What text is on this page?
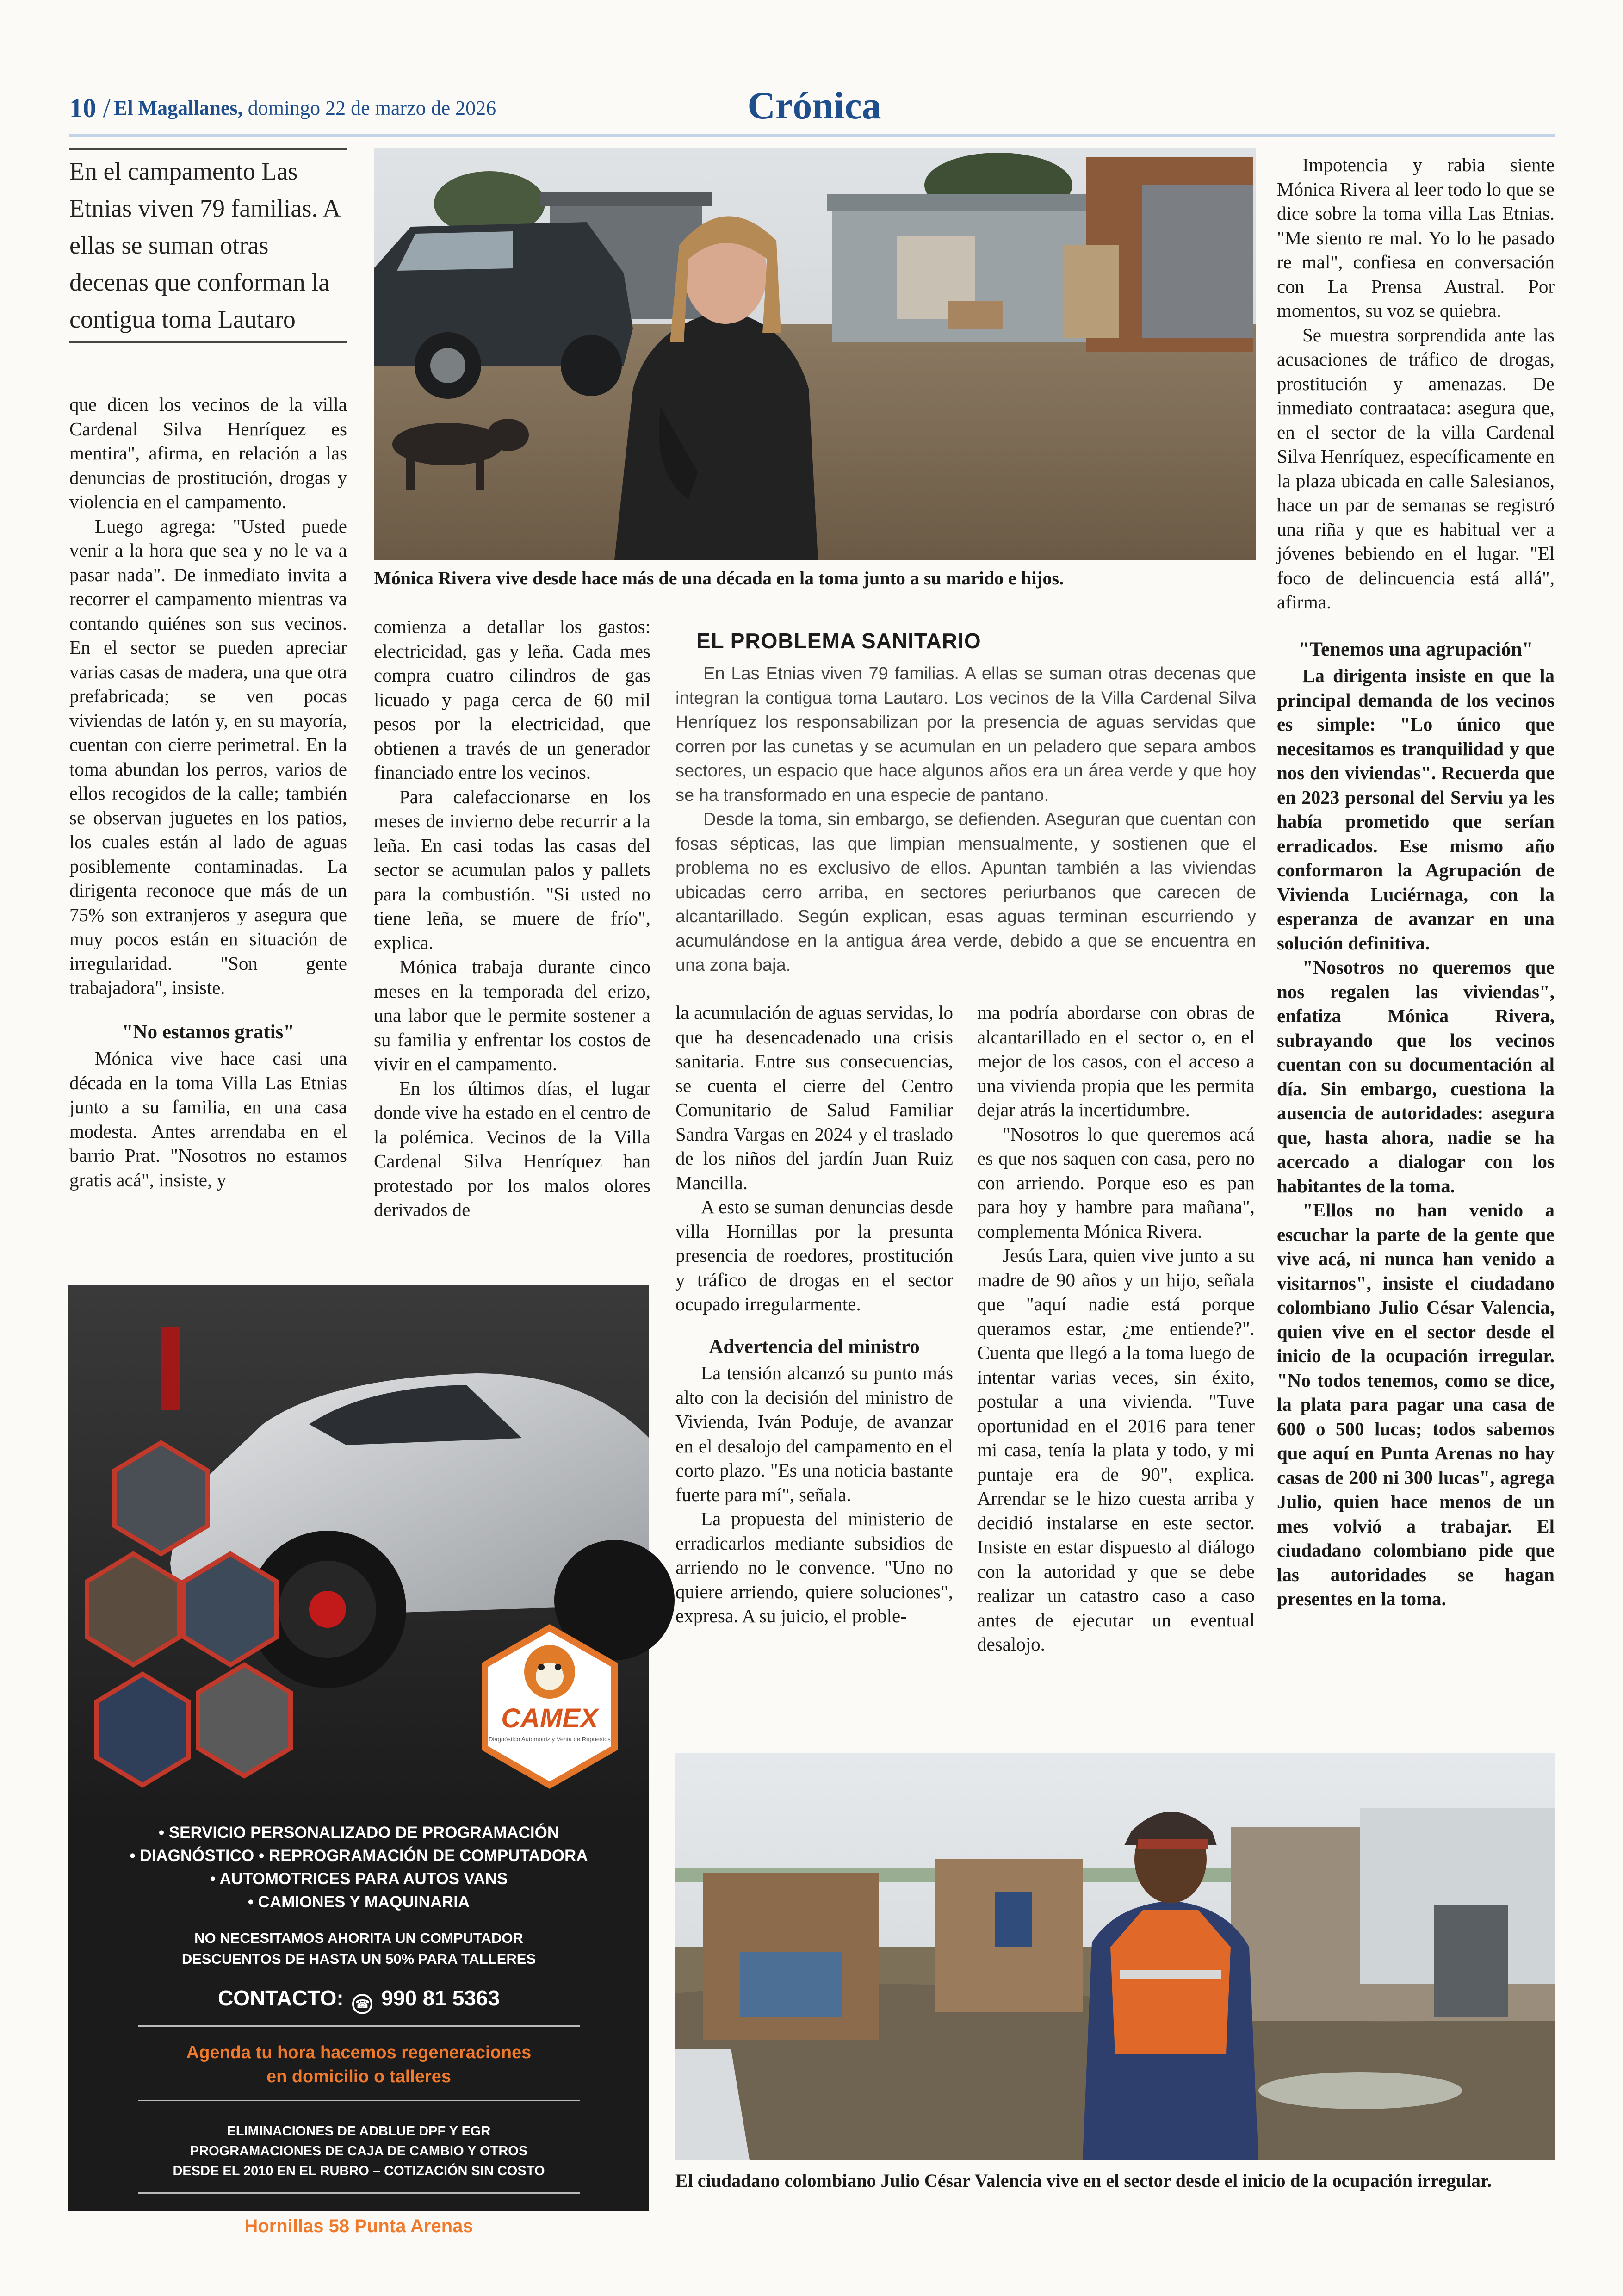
10 / El Magallanes, domingo 22 de marzo de 2026	Crónica
En el campamento Las Etnias viven 79 familias. A ellas se suman otras decenas que conforman la contigua toma Lautaro
Mónica Rivera vive desde hace más de una década en la toma junto a su marido e hijos.

que dicen los vecinos de la villa Cardenal Silva Henríquez es mentira", afirma, en relación a las denuncias de prostitución, drogas y violencia en el campamento.

Luego agrega: "Usted puede venir a la hora que sea y no le va a pasar nada". De inmediato invita a recorrer el campamento mientras va contando quiénes son sus vecinos. En el sector se pueden apreciar varias casas de madera, una que otra prefabricada; se ven pocas viviendas de latón y, en su mayoría, cuentan con cierre perimetral. En la toma abundan los perros, varios de ellos recogidos de la calle; también se observan juguetes en los patios, los cuales están al lado de aguas posiblemente contaminadas. La dirigenta reconoce que más de un 75% son extranjeros y asegura que muy pocos están en situación de irregularidad. "Son gente trabajadora", insiste.

"No estamos gratis"

Mónica vive hace casi una década en la toma Villa Las Etnias junto a su familia, en una casa modesta. Antes arrendaba en el barrio Prat. "Nosotros no estamos gratis acá", insiste, y

comienza a detallar los gastos: electricidad, gas y leña. Cada mes compra cuatro cilindros de gas licuado y paga cerca de 60 mil pesos por la electricidad, que obtienen a través de un generador financiado entre los vecinos.

Para calefaccionarse en los meses de invierno debe recurrir a la leña. En casi todas las casas del sector se acumulan palos y pallets para la combustión. "Si usted no tiene leña, se muere de frío", explica.

Mónica trabaja durante cinco meses en la temporada del erizo, una labor que le permite sostener a su familia y enfrentar los costos de vivir en el campamento.

En los últimos días, el lugar donde vive ha estado en el centro de la polémica. Vecinos de la Villa Cardenal Silva Henríquez han protestado por los malos olores derivados de

EL PROBLEMA SANITARIO

En Las Etnias viven 79 familias. A ellas se suman otras decenas que integran la contigua toma Lautaro. Los vecinos de la Villa Cardenal Silva Henríquez los responsabilizan por la presencia de aguas servidas que corren por las cunetas y se acumulan en un peladero que separa ambos sectores, un espacio que hace algunos años era un área verde y que hoy se ha transformado en una especie de pantano.

Desde la toma, sin embargo, se defienden. Aseguran que cuentan con fosas sépticas, las que limpian mensualmente, y sostienen que el problema no es exclusivo de ellos. Apuntan también a las viviendas ubicadas cerro arriba, en sectores periurbanos que carecen de alcantarillado. Según explican, esas aguas terminan escurriendo y acumulándose en la antigua área verde, debido a que se encuentra en una zona baja.

la acumulación de aguas servidas, lo que ha desencadenado una crisis sanitaria. Entre sus consecuencias, se cuenta el cierre del Centro Comunitario de Salud Familiar Sandra Vargas en 2024 y el traslado de los niños del jardín Juan Ruiz Mancilla.

A esto se suman denuncias desde villa Hornillas por la presunta presencia de roedores, prostitución y tráfico de drogas en el sector ocupado irregularmente.

Advertencia del ministro

La tensión alcanzó su punto más alto con la decisión del ministro de Vivienda, Iván Poduje, de avanzar en el desalojo del campamento en el corto plazo. "Es una noticia bastante fuerte para mí", señala.

La propuesta del ministerio de erradicarlos mediante subsidios de arriendo no le convence. "Uno no quiere arriendo, quiere soluciones", expresa. A su juicio, el proble-

ma podría abordarse con obras de alcantarillado en el sector o, en el mejor de los casos, con el acceso a una vivienda propia que les permita dejar atrás la incertidumbre.

"Nosotros lo que queremos acá es que nos saquen con casa, pero no con arriendo. Porque eso es pan para hoy y hambre para mañana", complementa Mónica Rivera.

Jesús Lara, quien vive junto a su madre de 90 años y un hijo, señala que "aquí nadie está porque queramos estar, ¿me entiende?". Cuenta que llegó a la toma luego de intentar varias veces, sin éxito, postular a una vivienda. "Tuve oportunidad en el 2016 para tener mi casa, tenía la plata y todo, y mi puntaje era de 90", explica. Arrendar se le hizo cuesta arriba y decidió instalarse en este sector. Insiste en estar dispuesto al diálogo con la autoridad y que se debe realizar un catastro caso a caso antes de ejecutar un eventual desalojo.

Impotencia y rabia siente Mónica Rivera al leer todo lo que se dice sobre la toma villa Las Etnias. "Me siento re mal. Yo lo he pasado re mal", confiesa en conversación con La Prensa Austral. Por momentos, su voz se quiebra.

Se muestra sorprendida ante las acusaciones de tráfico de drogas, prostitución y amenazas. De inmediato contraataca: asegura que, en el sector de la villa Cardenal Silva Henríquez, específicamente en la plaza ubicada en calle Salesianos, hace un par de semanas se registró una riña y que es habitual ver a jóvenes bebiendo en el lugar. "El foco de delincuencia está allá", afirma.

"Tenemos una agrupación"

La dirigenta insiste en que la principal demanda de los vecinos es simple: "Lo único que necesitamos es tranquilidad y que nos den viviendas". Recuerda que en 2023 personal del Serviu ya les había prometido que serían erradicados. Ese mismo año conformaron la Agrupación de Vivienda Luciérnaga, con la esperanza de avanzar en una solución definitiva.

"Nosotros no queremos que nos regalen las viviendas", enfatiza Mónica Rivera, subrayando que los vecinos cuentan con su documentación al día. Sin embargo, cuestiona la ausencia de autoridades: asegura que, hasta ahora, nadie se ha acercado a dialogar con los habitantes de la toma.

"Ellos no han venido a escuchar la parte de la gente que vive acá, ni nunca han venido a visitarnos", insiste el ciudadano colombiano Julio César Valencia, quien vive en el sector desde el inicio de la ocupación irregular. "No todos tenemos, como se dice, la plata para pagar una casa de 600 o 500 lucas; todos sabemos que aquí en Punta Arenas no hay casas de 200 ni 300 lucas", agrega Julio, quien hace menos de un mes volvió a trabajar. El ciudadano colombiano pide que las autoridades se hagan presentes en la toma.

El ciudadano colombiano Julio César Valencia vive en el sector desde el inicio de la ocupación irregular.
CAMEX
Diagnóstico Automotriz y Venta de Repuestos
• SERVICIO PERSONALIZADO DE PROGRAMACIÓN
• DIAGNÓSTICO • REPROGRAMACIÓN DE COMPUTADORA
• AUTOMOTRICES PARA AUTOS VANS
• CAMIONES Y MAQUINARIA
NO NECESITAMOS AHORITA UN COMPUTADOR
DESCUENTOS DE HASTA UN 50% PARA TALLERES
CONTACTO: ☎ 990 81 5363
Agenda tu hora hacemos regeneraciones
en domicilio o talleres
ELIMINACIONES DE ADBLUE DPF Y EGR
PROGRAMACIONES DE CAJA DE CAMBIO Y OTROS
DESDE EL 2010 EN EL RUBRO – COTIZACIÓN SIN COSTO
Hornillas 58 Punta Arenas
